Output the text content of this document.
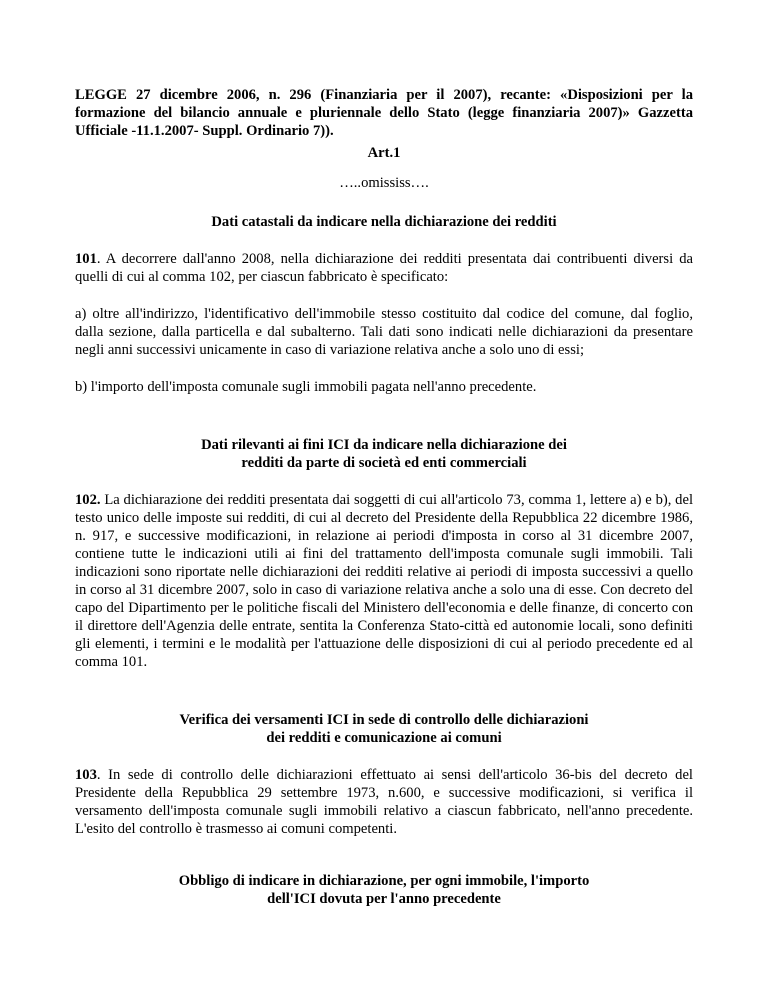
LEGGE 27 dicembre 2006, n. 296 (Finanziaria per il 2007), recante: «Disposizioni per la formazione del bilancio annuale e pluriennale dello Stato (legge finanziaria 2007)» Gazzetta Ufficiale -11.1.2007- Suppl. Ordinario 7)).

Art.1

…..omississ….

Dati catastali da indicare nella dichiarazione dei redditi

101. A decorrere dall'anno 2008, nella dichiarazione dei redditi presentata dai contribuenti diversi da quelli di cui al comma 102, per ciascun fabbricato è specificato:

a) oltre all'indirizzo, l'identificativo dell'immobile stesso costituito dal codice del comune, dal foglio, dalla sezione, dalla particella e dal subalterno. Tali dati sono indicati nelle dichiarazioni da presentare negli anni successivi unicamente in caso di variazione relativa anche a solo uno di essi;

b) l'importo dell'imposta comunale sugli immobili pagata nell'anno precedente.

Dati rilevanti ai fini ICI da indicare nella dichiarazione dei
redditi da parte di società ed enti commerciali

102. La dichiarazione dei redditi presentata dai soggetti di cui all'articolo 73, comma 1, lettere a) e b), del testo unico delle imposte sui redditi, di cui al decreto del Presidente della Repubblica 22 dicembre 1986, n. 917, e successive modificazioni, in relazione ai periodi d'imposta in corso al 31 dicembre 2007, contiene tutte le indicazioni utili ai fini del trattamento dell'imposta comunale sugli immobili. Tali indicazioni sono riportate nelle dichiarazioni dei redditi relative ai periodi di imposta successivi a quello in corso al 31 dicembre 2007, solo in caso di variazione relativa anche a solo una di esse. Con decreto del capo del Dipartimento per le politiche fiscali del Ministero dell'economia e delle finanze, di concerto con il direttore dell'Agenzia delle entrate, sentita la Conferenza Stato-città ed autonomie locali, sono definiti gli elementi, i termini e le modalità per l'attuazione delle disposizioni di cui al periodo precedente ed al comma 101.

Verifica dei versamenti ICI in sede di controllo delle dichiarazioni
dei redditi e comunicazione ai comuni

103. In sede di controllo delle dichiarazioni effettuato ai sensi dell'articolo 36-bis del decreto del Presidente della Repubblica 29 settembre 1973, n.600, e successive modificazioni, si verifica il versamento dell'imposta comunale sugli immobili relativo a ciascun fabbricato, nell'anno precedente. L'esito del controllo è trasmesso ai comuni competenti.

Obbligo di indicare in dichiarazione, per ogni immobile, l'importo
dell'ICI dovuta per l'anno precedente
